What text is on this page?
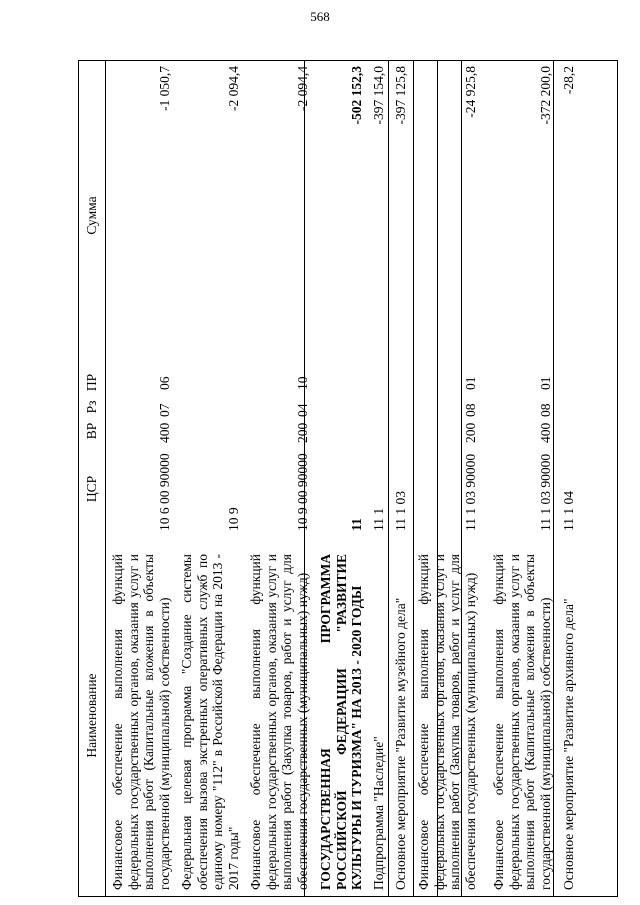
568
Наименование
ЦСР
ВР
Рз
ПР
Сумма
Финансовое обеспечение выполнения функций федеральных государственных органов, оказания услуг и выполнения работ (Капитальные вложения в объекты государственной (муниципальной) собственности)
10 6 00 90000
400
07
06
-1 050,7
Федеральная целевая программа "Создание системы обеспечения вызова экстренных оперативных служб по единому номеру "112" в Российской Федерации на 2013 - 2017 годы"
10 9
-2 094,4
Финансовое обеспечение выполнения функций федеральных государственных органов, оказания услуг и выполнения работ (Закупка товаров, работ и услуг для обеспечения государственных (муниципальных) нужд)
10 9 00 90000
200
04
10
-2 094,4
ГОСУДАРСТВЕННАЯ ПРОГРАММА РОССИЙСКОЙ ФЕДЕРАЦИИ "РАЗВИТИЕ КУЛЬТУРЫ И ТУРИЗМА" НА 2013 - 2020 ГОДЫ
11
-502 152,3
Подпрограмма "Наследие"
11 1
-397 154,0
Основное мероприятие "Развитие музейного дела"
11 1 03
-397 125,8
Финансовое обеспечение выполнения функций федеральных государственных органов, оказания услуг и выполнения работ (Закупка товаров, работ и услуг для обеспечения государственных (муниципальных) нужд)
11 1 03 90000
200
08
01
-24 925,8
Финансовое обеспечение выполнения функций федеральных государственных органов, оказания услуг и выполнения работ (Капитальные вложения в объекты государственной (муниципальной) собственности)
11 1 03 90000
400
08
01
-372 200,0
Основное мероприятие "Развитие архивного дела"
11 1 04
-28,2
